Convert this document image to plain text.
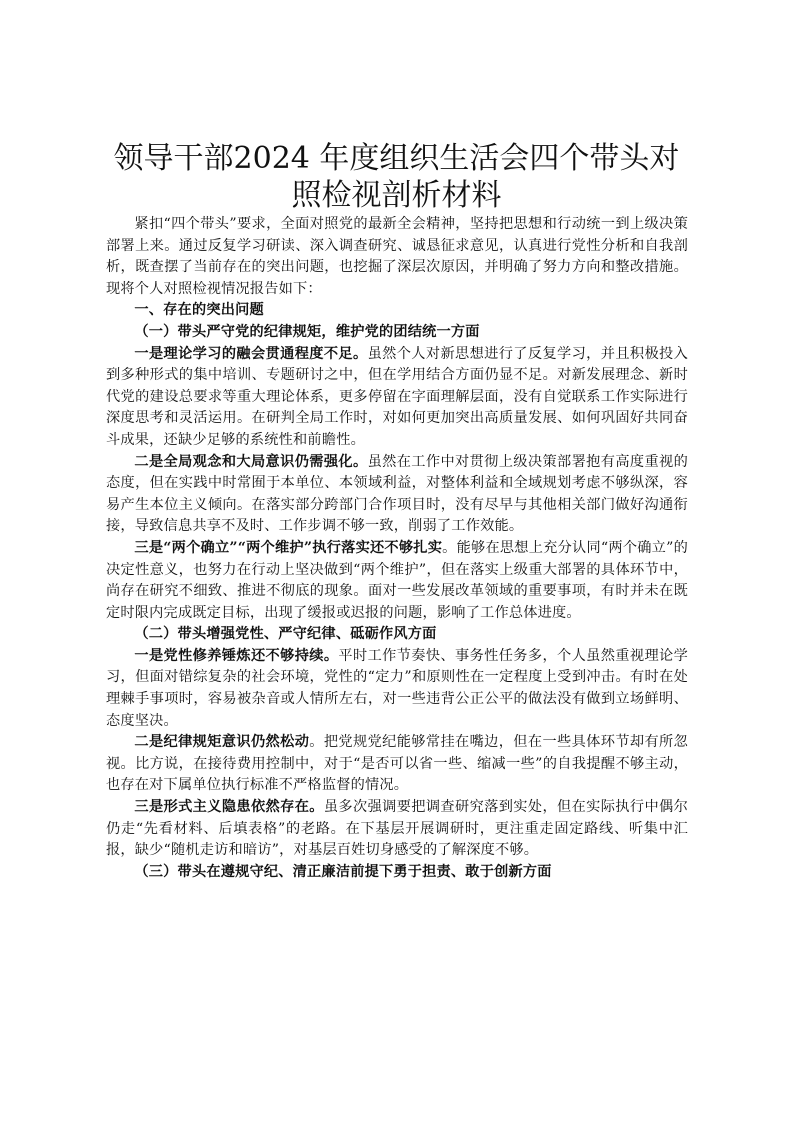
领导干部2024 年度组织生活会四个带头对照检视剖析材料

紧扣“四个带头”要求，全面对照党的最新全会精神，坚持把思想和行动统一到上级决策部署上来。通过反复学习研读、深入调查研究、诚恳征求意见，认真进行党性分析和自我剖析，既查摆了当前存在的突出问题，也挖掘了深层次原因，并明确了努力方向和整改措施。现将个人对照检视情况报告如下：

一、存在的突出问题

（一）带头严守党的纪律规矩，维护党的团结统一方面

一是理论学习的融会贯通程度不足。虽然个人对新思想进行了反复学习，并且积极投入到多种形式的集中培训、专题研讨之中，但在学用结合方面仍显不足。对新发展理念、新时代党的建设总要求等重大理论体系，更多停留在字面理解层面，没有自觉联系工作实际进行深度思考和灵活运用。在研判全局工作时，对如何更加突出高质量发展、如何巩固好共同奋斗成果，还缺少足够的系统性和前瞻性。

二是全局观念和大局意识仍需强化。虽然在工作中对贯彻上级决策部署抱有高度重视的态度，但在实践中时常囿于本单位、本领域利益，对整体利益和全域规划考虑不够纵深，容易产生本位主义倾向。在落实部分跨部门合作项目时，没有尽早与其他相关部门做好沟通衔接，导致信息共享不及时、工作步调不够一致，削弱了工作效能。

三是“两个确立”“两个维护”执行落实还不够扎实。能够在思想上充分认同“两个确立”的决定性意义，也努力在行动上坚决做到“两个维护”，但在落实上级重大部署的具体环节中，尚存在研究不细致、推进不彻底的现象。面对一些发展改革领域的重要事项，有时并未在既定时限内完成既定目标，出现了缓报或迟报的问题，影响了工作总体进度。

（二）带头增强党性、严守纪律、砥砺作风方面

一是党性修养锤炼还不够持续。平时工作节奏快、事务性任务多，个人虽然重视理论学习，但面对错综复杂的社会环境，党性的“定力”和原则性在一定程度上受到冲击。有时在处理棘手事项时，容易被杂音或人情所左右，对一些违背公正公平的做法没有做到立场鲜明、态度坚决。

二是纪律规矩意识仍然松动。把党规党纪能够常挂在嘴边，但在一些具体环节却有所忽视。比方说，在接待费用控制中，对于“是否可以省一些、缩减一些”的自我提醒不够主动，也存在对下属单位执行标准不严格监督的情况。

三是形式主义隐患依然存在。虽多次强调要把调查研究落到实处，但在实际执行中偶尔仍走“先看材料、后填表格”的老路。在下基层开展调研时，更注重走固定路线、听集中汇报，缺少“随机走访和暗访”，对基层百姓切身感受的了解深度不够。

（三）带头在遵规守纪、清正廉洁前提下勇于担责、敢于创新方面
